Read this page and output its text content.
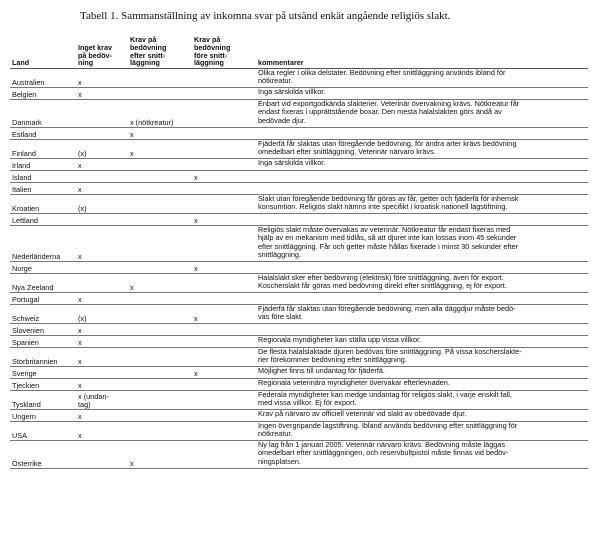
Tabell 1. Sammanställning av inkomna svar på utsänd enkät angående religiös slakt.
Land	Inget krav
på bedöv-
ning	Krav på
bedövning
efter snitt-
läggning	Krav på
bedövning
före snitt-
läggning	kommentarer
Australien	x			Olika regler i olika delstater. Bedövning efter snittläggning används ibland för
nötkreatur.
Belgien	x			Inga särskilda villkor.
Danmark		x (nötkreatur)		Enbart vid exportgodkända slakterier. Veterinär övervakning krävs. Nötkreatur får
endast fixeras i upprättstående boxar. Den mesta halalslakten görs ändå av
bedövade djur.
Estland		x		
Finland	(x)	x		Fjäderfä får slaktas utan föregående bedövning, för andra arter krävs bedövning
omedelbart efter snittläggning. Veterinär närvaro krävs.
Irland	x			Inga särskilda villkor.
Island			x	
Italien	x			
Kroatien	(x)			Slakt utan föregående bedövning får göras av får, getter och fjäderfä för inhemsk
konsumtion. Religiös slakt nämns inte specifikt i kroatisk nationell lagstiftning.
Lettland			x	
Nederländerna	x			Religiös slakt måste övervakas av veterinär. Nötkreatur får endast fixeras med
hjälp av en mekanism med tidlås, så att djuret inte kan lossas inom 45 sekunder
efter snittläggning. Får och getter måste hållas fixerade i minst 30 sekunder efter
snittläggning.
Norge			x	
Nya Zeeland		x		Halalslakt sker efter bedövning (elektrisk) före snittläggning, även för export.
Koscherslakt får göras med bedövning direkt efter snittläggning, ej för export.
Portugal	x			
Schweiz	(x)		x	Fjäderfä får slaktas utan föregående bedövning, men alla däggdjur måste bedö-
vas före slakt.
Slovenien	x			
Spanien	x			Regionala myndigheter kan ställa upp vissa villkor.
Storbritannien	x			De flesta halalslaktade djuren bedövas före snittläggning. På vissa koscherslakte-
rier förekommer bedövning efter snittläggning.
Sverige			x	Möjlighet finns till undantag för fjäderfä.
Tjeckien	x			Regionala veterinära myndigheter övervakar efterlevnaden.
Tyskland	x (undan-
tag)			Federala myndigheter kan medge undantag för religiös slakt, i varje enskilt fall,
med vissa villkor. Ej för export.
Ungern	x			Krav på närvaro av officiell veterinär vid slakt av obedövade djur.
USA	x			Ingen övergripande lagstiftning. Ibland används bedövning efter snittläggning för
nötkreatur.
Österrike		x		Ny lag från 1 januari 2005. Veterinär närvaro krävs. Bedövning måste läggas
omedelbart efter snittläggningen, och reservbultpistol måste finnas vid bedöv-
ningsplatsen.
